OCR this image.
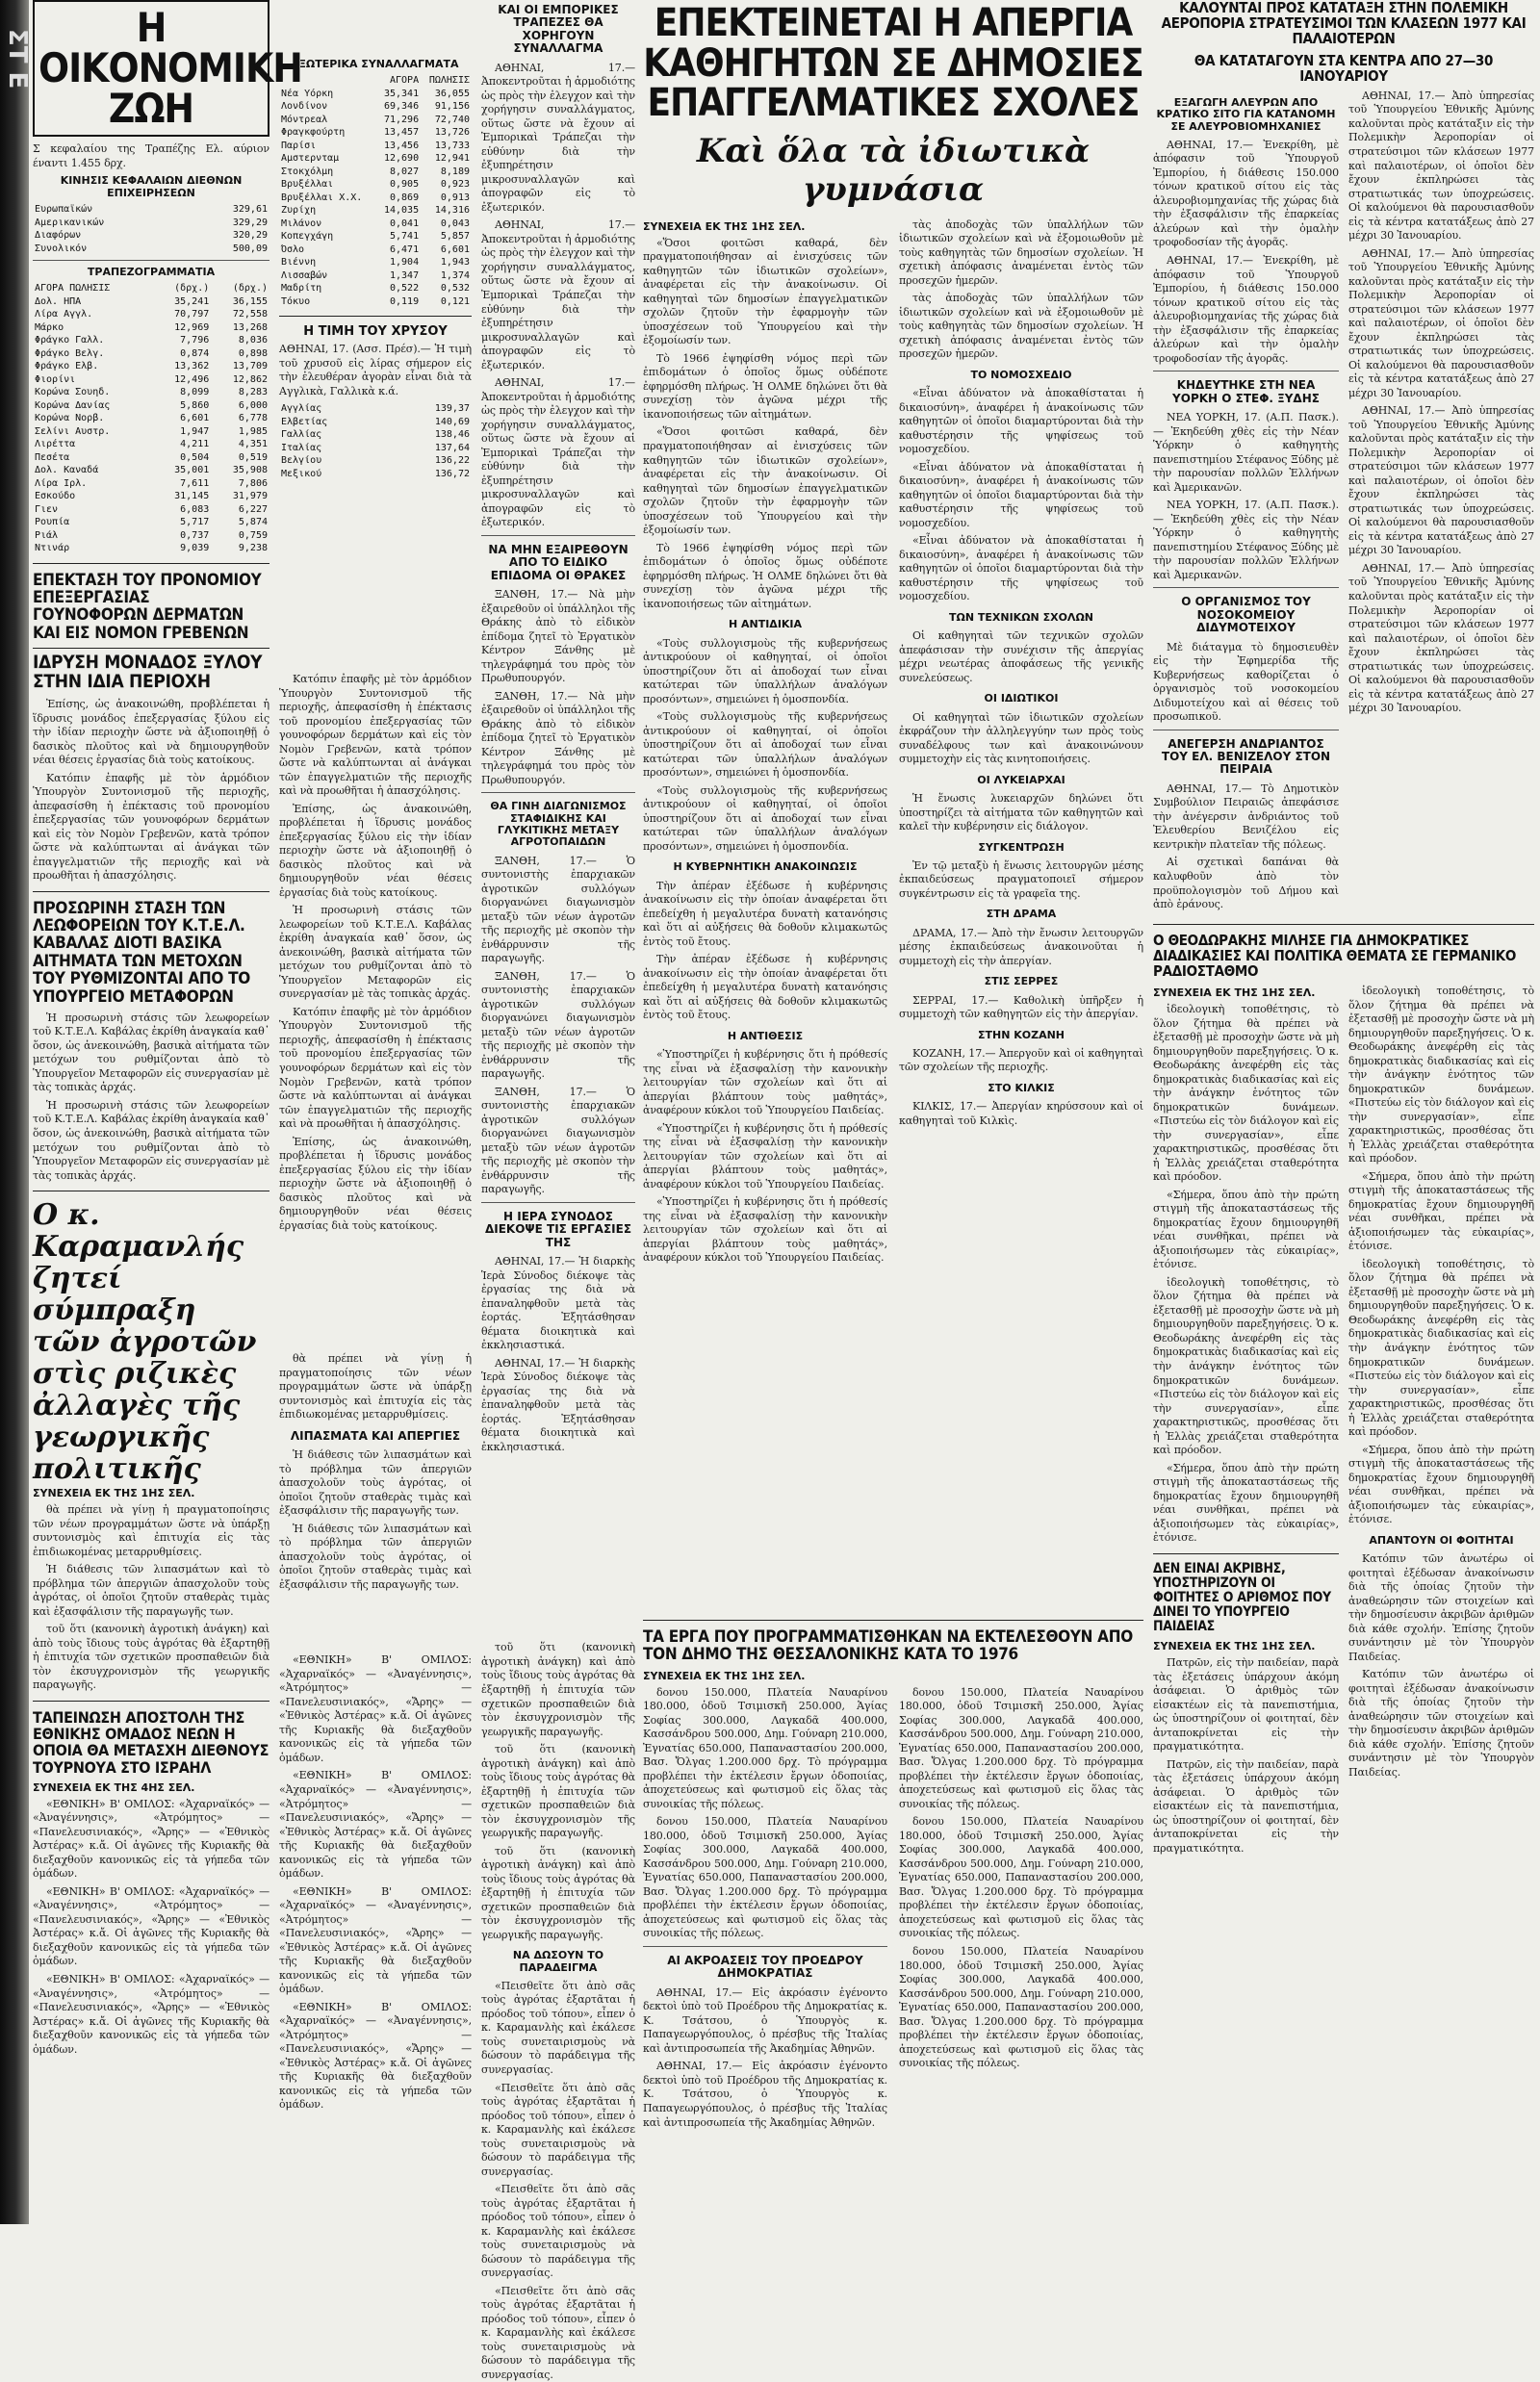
ΣΤ Ε
Η ΟΙΚΟΝΟΜΙΚΗ ΖΩΗ

Σ κεφαλαίου της Τραπέζης Ελ. αύριον έναντι 1.455 δρχ.

ΚΙΝΗΣΙΣ ΚΕΦΑΛΑΙΩΝ ΔΙΕΘΝΩΝ ΕΠΙΧΕΙΡΗΣΕΩΝ
Ευρωπαϊκών	329,61
Αμερικανικών	329,29
Διαφόρων	320,29
Συνολικόν	500,09
ΤΡΑΠΕΖΟΓΡΑΜΜΑΤΙΑ
ΑΓΟΡΑ ΠΩΛΗΣΙΣ	(δρχ.)	(δρχ.)
Δολ. ΗΠΑ	35,241	36,155
Λίρα Αγγλ.	70,797	72,558
Μάρκο	12,969	13,268
Φράγκο Γαλλ.	7,796	8,036
Φράγκο Βελγ.	0,874	0,898
Φράγκο Ελβ.	13,362	13,709
Φιορίνι	12,496	12,862
Κορώνα Σουηδ.	8,099	8,283
Κορώνα Δανίας	5,860	6,000
Κορώνα Νορβ.	6,601	6,778
Σελίνι Αυστρ.	1,947	1,985
Λιρέττα	4,211	4,351
Πεσέτα	0,504	0,519
Δολ. Καναδά	35,001	35,908
Λίρα Ιρλ.	7,611	7,806
Εσκούδο	31,145	31,979
Γιεν	6,083	6,227
Ρουπία	5,717	5,874
Ριάλ	0,737	0,759
Ντινάρ	9,039	9,238
ΕΠΕΚΤΑΣΗ ΤΟΥ ΠΡΟΝΟΜΙΟΥ ΕΠΕΞΕΡΓΑΣΙΑΣ ΓΟΥΝΟΦΟΡΩΝ ΔΕΡΜΑΤΩΝ ΚΑΙ ΕΙΣ ΝΟΜΟΝ ΓΡΕΒΕΝΩΝ
ΙΔΡΥΣΗ ΜΟΝΑΔΟΣ ΞΥΛΟΥ ΣΤΗΝ ΙΔΙΑ ΠΕΡΙΟΧΗ

Ἐπίσης, ὡς ἀνακοινώθη, προβλέπεται ἡ ἵδρυσις μονάδος ἐπεξεργασίας ξύλου εἰς τὴν ἰδίαν περιοχὴν ὥστε νὰ ἀξιοποιηθῇ ὁ δασικὸς πλοῦτος καὶ νὰ δημιουργηθοῦν νέαι θέσεις ἐργασίας διὰ τοὺς κατοίκους.

Κατόπιν ἐπαφῆς μὲ τὸν ἁρμόδιον Ὑπουργὸν Συντονισμοῦ τῆς περιοχῆς, ἀπεφασίσθη ἡ ἐπέκτασις τοῦ προνομίου ἐπεξεργασίας τῶν γουνοφόρων δερμάτων καὶ εἰς τὸν Νομὸν Γρεβενῶν, κατὰ τρόπον ὥστε νὰ καλύπτωνται αἱ ἀνάγκαι τῶν ἐπαγγελματιῶν τῆς περιοχῆς καὶ νὰ προωθῆται ἡ ἀπασχόλησις.

ΠΡΟΣΩΡΙΝΗ ΣΤΑΣΗ ΤΩΝ ΛΕΩΦΟΡΕΙΩΝ ΤΟΥ Κ.Τ.Ε.Λ. ΚΑΒΑΛΑΣ ΔΙΟΤΙ ΒΑΣΙΚΑ ΑΙΤΗΜΑΤΑ ΤΩΝ ΜΕΤΟΧΩΝ ΤΟΥ ΡΥΘΜΙΖΟΝΤΑΙ ΑΠΟ ΤΟ ΥΠΟΥΡΓΕΙΟ ΜΕΤΑΦΟΡΩΝ

Ἡ προσωρινὴ στάσις τῶν λεωφορείων τοῦ Κ.Τ.Ε.Λ. Καβάλας ἐκρίθη ἀναγκαία καθ᾿ ὅσον, ὡς ἀνεκοινώθη, βασικὰ αἰτήματα τῶν μετόχων του ρυθμίζονται ἀπὸ τὸ Ὑπουργεῖον Μεταφορῶν εἰς συνεργασίαν μὲ τὰς τοπικὰς ἀρχάς.

Ἡ προσωρινὴ στάσις τῶν λεωφορείων τοῦ Κ.Τ.Ε.Λ. Καβάλας ἐκρίθη ἀναγκαία καθ᾿ ὅσον, ὡς ἀνεκοινώθη, βασικὰ αἰτήματα τῶν μετόχων του ρυθμίζονται ἀπὸ τὸ Ὑπουργεῖον Μεταφορῶν εἰς συνεργασίαν μὲ τὰς τοπικὰς ἀρχάς.

Ο κ. Καραμανλής ζητεί σύμπραξη τῶν ἀγροτῶν στὶς ριζικὲς ἀλλαγὲς τῆς γεωργικῆς πολιτικῆς
ΣΥΝΕΧΕΙΑ ΕΚ ΤΗΣ 1ΗΣ ΣΕΛ.

θὰ πρέπει νὰ γίνῃ ἡ πραγματοποίησις τῶν νέων προγραμμάτων ὥστε νὰ ὑπάρξῃ συντονισμὸς καὶ ἐπιτυχία εἰς τὰς ἐπιδιωκομένας μεταρρυθμίσεις.

Ἡ διάθεσις τῶν λιπασμάτων καὶ τὸ πρόβλημα τῶν ἀπεργιῶν ἀπασχολοῦν τοὺς ἀγρότας, οἱ ὁποῖοι ζητοῦν σταθερὰς τιμὰς καὶ ἐξασφάλισιν τῆς παραγωγῆς των.

τοῦ ὅτι (κανονικὴ ἀγροτικὴ ἀνάγκη) καὶ ἀπὸ τοὺς ἴδιους τοὺς ἀγρότας θὰ ἐξαρτηθῇ ἡ ἐπιτυχία τῶν σχετικῶν προσπαθειῶν διὰ τὸν ἐκσυγχρονισμὸν τῆς γεωργικῆς παραγωγῆς.

ΤΑΠΕΙΝΩΣΗ ΑΠΟΣΤΟΛΗ ΤΗΣ ΕΘΝΙΚΗΣ ΟΜΑΔΟΣ ΝΕΩΝ Η ΟΠΟΙΑ ΘΑ ΜΕΤΑΣΧΗ ΔΙΕΘΝΟΥΣ ΤΟΥΡΝΟΥΑ ΣΤΟ ΙΣΡΑΗΛ
ΣΥΝΕΧΕΙΑ ΕΚ ΤΗΣ 4ΗΣ ΣΕΛ.

«ΕΘΝΙΚΗ» Β' ΟΜΙΛΟΣ: «Ἀχαρναϊκός» — «Ἀναγέννησις», «Ἀτρόμητος» — «Πανελευσινιακός», «Ἄρης» — «Ἐθνικὸς Ἀστέρας» κ.ἄ. Οἱ ἀγῶνες τῆς Κυριακῆς θὰ διεξαχθοῦν κανονικῶς εἰς τὰ γήπεδα τῶν ὁμάδων.

«ΕΘΝΙΚΗ» Β' ΟΜΙΛΟΣ: «Ἀχαρναϊκός» — «Ἀναγέννησις», «Ἀτρόμητος» — «Πανελευσινιακός», «Ἄρης» — «Ἐθνικὸς Ἀστέρας» κ.ἄ. Οἱ ἀγῶνες τῆς Κυριακῆς θὰ διεξαχθοῦν κανονικῶς εἰς τὰ γήπεδα τῶν ὁμάδων.

«ΕΘΝΙΚΗ» Β' ΟΜΙΛΟΣ: «Ἀχαρναϊκός» — «Ἀναγέννησις», «Ἀτρόμητος» — «Πανελευσινιακός», «Ἄρης» — «Ἐθνικὸς Ἀστέρας» κ.ἄ. Οἱ ἀγῶνες τῆς Κυριακῆς θὰ διεξαχθοῦν κανονικῶς εἰς τὰ γήπεδα τῶν ὁμάδων.

ΕΞΩΤΕΡΙΚΑ ΣΥΝΑΛΛΑΓΜΑΤΑ
	ΑΓΟΡΑ	ΠΩΛΗΣΙΣ
Νέα Υόρκη	35,341	36,055
Λονδίνον	69,346	91,156
Μόντρεαλ	71,296	72,740
Φραγκφούρτη	13,457	13,726
Παρίσι	13,456	13,733
Αμστερνταμ	12,690	12,941
Στοκχόλμη	8,027	8,189
Βρυξέλλαι	0,905	0,923
Βρυξέλλαι Χ.Χ.	0,869	0,913
Ζυρίχη	14,035	14,316
Μιλάνον	0,041	0,043
Κοπεγχάγη	5,741	5,857
Όσλο	6,471	6,601
Βιέννη	1,904	1,943
Λισσαβών	1,347	1,374
Μαδρίτη	0,522	0,532
Τόκυο	0,119	0,121
Η ΤΙΜΗ ΤΟΥ ΧΡΥΣΟΥ

ΑΘΗΝΑΙ, 17. (Ασσ. Πρέσ).— Ἡ τιμὴ τοῦ χρυσοῦ εἰς λίρας σήμερον εἰς τὴν ἐλευθέραν ἀγορὰν εἶναι διὰ τὰ Αγγλικὰ, Γαλλικὰ κ.ά.

Αγγλίας	139,37
Ελβετίας	140,69
Γαλλίας	138,46
Ιταλίας	137,64
Βελγίου	136,22
Μεξικού	136,72

Κατόπιν ἐπαφῆς μὲ τὸν ἁρμόδιον Ὑπουργὸν Συντονισμοῦ τῆς περιοχῆς, ἀπεφασίσθη ἡ ἐπέκτασις τοῦ προνομίου ἐπεξεργασίας τῶν γουνοφόρων δερμάτων καὶ εἰς τὸν Νομὸν Γρεβενῶν, κατὰ τρόπον ὥστε νὰ καλύπτωνται αἱ ἀνάγκαι τῶν ἐπαγγελματιῶν τῆς περιοχῆς καὶ νὰ προωθῆται ἡ ἀπασχόλησις.

Ἐπίσης, ὡς ἀνακοινώθη, προβλέπεται ἡ ἵδρυσις μονάδος ἐπεξεργασίας ξύλου εἰς τὴν ἰδίαν περιοχὴν ὥστε νὰ ἀξιοποιηθῇ ὁ δασικὸς πλοῦτος καὶ νὰ δημιουργηθοῦν νέαι θέσεις ἐργασίας διὰ τοὺς κατοίκους.

Ἡ προσωρινὴ στάσις τῶν λεωφορείων τοῦ Κ.Τ.Ε.Λ. Καβάλας ἐκρίθη ἀναγκαία καθ᾿ ὅσον, ὡς ἀνεκοινώθη, βασικὰ αἰτήματα τῶν μετόχων του ρυθμίζονται ἀπὸ τὸ Ὑπουργεῖον Μεταφορῶν εἰς συνεργασίαν μὲ τὰς τοπικὰς ἀρχάς.

Κατόπιν ἐπαφῆς μὲ τὸν ἁρμόδιον Ὑπουργὸν Συντονισμοῦ τῆς περιοχῆς, ἀπεφασίσθη ἡ ἐπέκτασις τοῦ προνομίου ἐπεξεργασίας τῶν γουνοφόρων δερμάτων καὶ εἰς τὸν Νομὸν Γρεβενῶν, κατὰ τρόπον ὥστε νὰ καλύπτωνται αἱ ἀνάγκαι τῶν ἐπαγγελματιῶν τῆς περιοχῆς καὶ νὰ προωθῆται ἡ ἀπασχόλησις.

Ἐπίσης, ὡς ἀνακοινώθη, προβλέπεται ἡ ἵδρυσις μονάδος ἐπεξεργασίας ξύλου εἰς τὴν ἰδίαν περιοχὴν ὥστε νὰ ἀξιοποιηθῇ ὁ δασικὸς πλοῦτος καὶ νὰ δημιουργηθοῦν νέαι θέσεις ἐργασίας διὰ τοὺς κατοίκους.

θὰ πρέπει νὰ γίνῃ ἡ πραγματοποίησις τῶν νέων προγραμμάτων ὥστε νὰ ὑπάρξῃ συντονισμὸς καὶ ἐπιτυχία εἰς τὰς ἐπιδιωκομένας μεταρρυθμίσεις.

ΛΙΠΑΣΜΑΤΑ ΚΑΙ ΑΠΕΡΓΙΕΣ

Ἡ διάθεσις τῶν λιπασμάτων καὶ τὸ πρόβλημα τῶν ἀπεργιῶν ἀπασχολοῦν τοὺς ἀγρότας, οἱ ὁποῖοι ζητοῦν σταθερὰς τιμὰς καὶ ἐξασφάλισιν τῆς παραγωγῆς των.

Ἡ διάθεσις τῶν λιπασμάτων καὶ τὸ πρόβλημα τῶν ἀπεργιῶν ἀπασχολοῦν τοὺς ἀγρότας, οἱ ὁποῖοι ζητοῦν σταθερὰς τιμὰς καὶ ἐξασφάλισιν τῆς παραγωγῆς των.

«ΕΘΝΙΚΗ» Β' ΟΜΙΛΟΣ: «Ἀχαρναϊκός» — «Ἀναγέννησις», «Ἀτρόμητος» — «Πανελευσινιακός», «Ἄρης» — «Ἐθνικὸς Ἀστέρας» κ.ἄ. Οἱ ἀγῶνες τῆς Κυριακῆς θὰ διεξαχθοῦν κανονικῶς εἰς τὰ γήπεδα τῶν ὁμάδων.

«ΕΘΝΙΚΗ» Β' ΟΜΙΛΟΣ: «Ἀχαρναϊκός» — «Ἀναγέννησις», «Ἀτρόμητος» — «Πανελευσινιακός», «Ἄρης» — «Ἐθνικὸς Ἀστέρας» κ.ἄ. Οἱ ἀγῶνες τῆς Κυριακῆς θὰ διεξαχθοῦν κανονικῶς εἰς τὰ γήπεδα τῶν ὁμάδων.

«ΕΘΝΙΚΗ» Β' ΟΜΙΛΟΣ: «Ἀχαρναϊκός» — «Ἀναγέννησις», «Ἀτρόμητος» — «Πανελευσινιακός», «Ἄρης» — «Ἐθνικὸς Ἀστέρας» κ.ἄ. Οἱ ἀγῶνες τῆς Κυριακῆς θὰ διεξαχθοῦν κανονικῶς εἰς τὰ γήπεδα τῶν ὁμάδων.

«ΕΘΝΙΚΗ» Β' ΟΜΙΛΟΣ: «Ἀχαρναϊκός» — «Ἀναγέννησις», «Ἀτρόμητος» — «Πανελευσινιακός», «Ἄρης» — «Ἐθνικὸς Ἀστέρας» κ.ἄ. Οἱ ἀγῶνες τῆς Κυριακῆς θὰ διεξαχθοῦν κανονικῶς εἰς τὰ γήπεδα τῶν ὁμάδων.

ΚΑΙ ΟΙ ΕΜΠΟΡΙΚΕΣ ΤΡΑΠΕΖΕΣ ΘΑ ΧΟΡΗΓΟΥΝ ΣΥΝΑΛΛΑΓΜΑ

ΑΘΗΝΑΙ, 17.— Ἀποκεντροῦται ἡ ἁρμοδιότης ὡς πρὸς τὴν ἐλεγχον καὶ τὴν χορήγησιν συναλλάγματος, οὕτως ὥστε νὰ ἔχουν αἱ Ἐμπορικαὶ Τράπεζαι τὴν εὐθύνην διὰ τὴν ἐξυπηρέτησιν μικροσυναλλαγῶν καὶ ἀπογραφῶν εἰς τὸ ἐξωτερικόν.

ΑΘΗΝΑΙ, 17.— Ἀποκεντροῦται ἡ ἁρμοδιότης ὡς πρὸς τὴν ἐλεγχον καὶ τὴν χορήγησιν συναλλάγματος, οὕτως ὥστε νὰ ἔχουν αἱ Ἐμπορικαὶ Τράπεζαι τὴν εὐθύνην διὰ τὴν ἐξυπηρέτησιν μικροσυναλλαγῶν καὶ ἀπογραφῶν εἰς τὸ ἐξωτερικόν.

ΑΘΗΝΑΙ, 17.— Ἀποκεντροῦται ἡ ἁρμοδιότης ὡς πρὸς τὴν ἐλεγχον καὶ τὴν χορήγησιν συναλλάγματος, οὕτως ὥστε νὰ ἔχουν αἱ Ἐμπορικαὶ Τράπεζαι τὴν εὐθύνην διὰ τὴν ἐξυπηρέτησιν μικροσυναλλαγῶν καὶ ἀπογραφῶν εἰς τὸ ἐξωτερικόν.

ΝΑ ΜΗΝ ΕΞΑΙΡΕΘΟΥΝ ΑΠΟ ΤΟ ΕΙΔΙΚΟ ΕΠΙΔΟΜΑ ΟΙ ΘΡΑΚΕΣ

ΞΑΝΘΗ, 17.— Νὰ μὴν ἐξαιρεθοῦν οἱ ὑπάλληλοι τῆς Θράκης ἀπὸ τὸ εἰδικὸν ἐπίδομα ζητεῖ τὸ Ἐργατικὸν Κέντρον Ξάνθης μὲ τηλεγράφημά του πρὸς τὸν Πρωθυπουργόν.

ΞΑΝΘΗ, 17.— Νὰ μὴν ἐξαιρεθοῦν οἱ ὑπάλληλοι τῆς Θράκης ἀπὸ τὸ εἰδικὸν ἐπίδομα ζητεῖ τὸ Ἐργατικὸν Κέντρον Ξάνθης μὲ τηλεγράφημά του πρὸς τὸν Πρωθυπουργόν.

ΘΑ ΓΙΝΗ ΔΙΑΓΩΝΙΣΜΟΣ ΣΤΑΦΙΔΙΚΗΣ ΚΑΙ ΓΛΥΚΙΤΙΚΗΣ ΜΕΤΑΞΥ ΑΓΡΟΤΟΠΑΙΔΩΝ

ΞΑΝΘΗ, 17.— Ὁ συντονιστὴς ἐπαρχιακῶν ἀγροτικῶν συλλόγων διοργανώνει διαγωνισμὸν μεταξὺ τῶν νέων ἀγροτῶν τῆς περιοχῆς μὲ σκοπὸν τὴν ἐνθάρρυνσιν τῆς παραγωγῆς.

ΞΑΝΘΗ, 17.— Ὁ συντονιστὴς ἐπαρχιακῶν ἀγροτικῶν συλλόγων διοργανώνει διαγωνισμὸν μεταξὺ τῶν νέων ἀγροτῶν τῆς περιοχῆς μὲ σκοπὸν τὴν ἐνθάρρυνσιν τῆς παραγωγῆς.

ΞΑΝΘΗ, 17.— Ὁ συντονιστὴς ἐπαρχιακῶν ἀγροτικῶν συλλόγων διοργανώνει διαγωνισμὸν μεταξὺ τῶν νέων ἀγροτῶν τῆς περιοχῆς μὲ σκοπὸν τὴν ἐνθάρρυνσιν τῆς παραγωγῆς.

Η ΙΕΡΑ ΣΥΝΟΔΟΣ ΔΙΕΚΟΨΕ ΤΙΣ ΕΡΓΑΣΙΕΣ ΤΗΣ

ΑΘΗΝΑΙ, 17.— Ἡ διαρκὴς Ἱερὰ Σύνοδος διέκοψε τὰς ἐργασίας της διὰ νὰ ἐπαναληφθοῦν μετὰ τὰς ἑορτάς. Ἐξητάσθησαν θέματα διοικητικὰ καὶ ἐκκλησιαστικά.

ΑΘΗΝΑΙ, 17.— Ἡ διαρκὴς Ἱερὰ Σύνοδος διέκοψε τὰς ἐργασίας της διὰ νὰ ἐπαναληφθοῦν μετὰ τὰς ἑορτάς. Ἐξητάσθησαν θέματα διοικητικὰ καὶ ἐκκλησιαστικά.

τοῦ ὅτι (κανονικὴ ἀγροτικὴ ἀνάγκη) καὶ ἀπὸ τοὺς ἴδιους τοὺς ἀγρότας θὰ ἐξαρτηθῇ ἡ ἐπιτυχία τῶν σχετικῶν προσπαθειῶν διὰ τὸν ἐκσυγχρονισμὸν τῆς γεωργικῆς παραγωγῆς.

τοῦ ὅτι (κανονικὴ ἀγροτικὴ ἀνάγκη) καὶ ἀπὸ τοὺς ἴδιους τοὺς ἀγρότας θὰ ἐξαρτηθῇ ἡ ἐπιτυχία τῶν σχετικῶν προσπαθειῶν διὰ τὸν ἐκσυγχρονισμὸν τῆς γεωργικῆς παραγωγῆς.

τοῦ ὅτι (κανονικὴ ἀγροτικὴ ἀνάγκη) καὶ ἀπὸ τοὺς ἴδιους τοὺς ἀγρότας θὰ ἐξαρτηθῇ ἡ ἐπιτυχία τῶν σχετικῶν προσπαθειῶν διὰ τὸν ἐκσυγχρονισμὸν τῆς γεωργικῆς παραγωγῆς.

ΝΑ ΔΩΣΟΥΝ ΤΟ ΠΑΡΑΔΕΙΓΜΑ

«Πεισθεῖτε ὅτι ἀπὸ σᾶς τοὺς ἀγρότας ἐξαρτᾶται ἡ πρόοδος τοῦ τόπου», εἶπεν ὁ κ. Καραμανλὴς καὶ ἐκάλεσε τοὺς συνεταιρισμοὺς νὰ δώσουν τὸ παράδειγμα τῆς συνεργασίας.

«Πεισθεῖτε ὅτι ἀπὸ σᾶς τοὺς ἀγρότας ἐξαρτᾶται ἡ πρόοδος τοῦ τόπου», εἶπεν ὁ κ. Καραμανλὴς καὶ ἐκάλεσε τοὺς συνεταιρισμοὺς νὰ δώσουν τὸ παράδειγμα τῆς συνεργασίας.

«Πεισθεῖτε ὅτι ἀπὸ σᾶς τοὺς ἀγρότας ἐξαρτᾶται ἡ πρόοδος τοῦ τόπου», εἶπεν ὁ κ. Καραμανλὴς καὶ ἐκάλεσε τοὺς συνεταιρισμοὺς νὰ δώσουν τὸ παράδειγμα τῆς συνεργασίας.

«Πεισθεῖτε ὅτι ἀπὸ σᾶς τοὺς ἀγρότας ἐξαρτᾶται ἡ πρόοδος τοῦ τόπου», εἶπεν ὁ κ. Καραμανλὴς καὶ ἐκάλεσε τοὺς συνεταιρισμοὺς νὰ δώσουν τὸ παράδειγμα τῆς συνεργασίας.

ΕΠΕΚΤΕΙΝΕΤΑΙ Η ΑΠΕΡΓΙΑ ΚΑΘΗΓΗΤΩΝ ΣΕ ΔΗΜΟΣΙΕΣ ΕΠΑΓΓΕΛΜΑΤΙΚΕΣ ΣΧΟΛΕΣ
Καὶ ὅλα τὰ ἰδιωτικὰ γυμνάσια
ΣΥΝΕΧΕΙΑ ΕΚ ΤΗΣ 1ΗΣ ΣΕΛ.

«Ὅσοι φοιτῶσι καθαρά, δὲν πραγματοποιήθησαν αἱ ἐνισχύσεις τῶν καθηγητῶν τῶν ἰδιωτικῶν σχολείων», ἀναφέρεται εἰς τὴν ἀνακοίνωσιν. Οἱ καθηγηταὶ τῶν δημοσίων ἐπαγγελματικῶν σχολῶν ζητοῦν τὴν ἐφαρμογὴν τῶν ὑποσχέσεων τοῦ Ὑπουργείου καὶ τὴν ἐξομοίωσίν των.

Τὸ 1966 ἐψηφίσθη νόμος περὶ τῶν ἐπιδομάτων ὁ ὁποῖος ὅμως οὐδέποτε ἐφηρμόσθη πλήρως. Ἡ ΟΛΜΕ δηλώνει ὅτι θὰ συνεχίσῃ τὸν ἀγῶνα μέχρι τῆς ἱκανοποιήσεως τῶν αἰτημάτων.

«Ὅσοι φοιτῶσι καθαρά, δὲν πραγματοποιήθησαν αἱ ἐνισχύσεις τῶν καθηγητῶν τῶν ἰδιωτικῶν σχολείων», ἀναφέρεται εἰς τὴν ἀνακοίνωσιν. Οἱ καθηγηταὶ τῶν δημοσίων ἐπαγγελματικῶν σχολῶν ζητοῦν τὴν ἐφαρμογὴν τῶν ὑποσχέσεων τοῦ Ὑπουργείου καὶ τὴν ἐξομοίωσίν των.

Τὸ 1966 ἐψηφίσθη νόμος περὶ τῶν ἐπιδομάτων ὁ ὁποῖος ὅμως οὐδέποτε ἐφηρμόσθη πλήρως. Ἡ ΟΛΜΕ δηλώνει ὅτι θὰ συνεχίσῃ τὸν ἀγῶνα μέχρι τῆς ἱκανοποιήσεως τῶν αἰτημάτων.

Η ΑΝΤΙΔΙΚΙΑ

«Τοὺς συλλογισμοὺς τῆς κυβερνήσεως ἀντικρούουν οἱ καθηγηταί, οἱ ὁποῖοι ὑποστηρίζουν ὅτι αἱ ἀποδοχαί των εἶναι κατώτεραι τῶν ὑπαλλήλων ἀναλόγων προσόντων», σημειώνει ἡ ὁμοσπονδία.

«Τοὺς συλλογισμοὺς τῆς κυβερνήσεως ἀντικρούουν οἱ καθηγηταί, οἱ ὁποῖοι ὑποστηρίζουν ὅτι αἱ ἀποδοχαί των εἶναι κατώτεραι τῶν ὑπαλλήλων ἀναλόγων προσόντων», σημειώνει ἡ ὁμοσπονδία.

«Τοὺς συλλογισμοὺς τῆς κυβερνήσεως ἀντικρούουν οἱ καθηγηταί, οἱ ὁποῖοι ὑποστηρίζουν ὅτι αἱ ἀποδοχαί των εἶναι κατώτεραι τῶν ὑπαλλήλων ἀναλόγων προσόντων», σημειώνει ἡ ὁμοσπονδία.

Η ΚΥΒΕΡΝΗΤΙΚΗ ΑΝΑΚΟΙΝΩΣΙΣ

Τὴν ἀπέραν ἐξέδωσε ἡ κυβέρνησις ἀνακοίνωσιν εἰς τὴν ὁποίαν ἀναφέρεται ὅτι ἐπεδείχθη ἡ μεγαλυτέρα δυνατὴ κατανόησις καὶ ὅτι αἱ αὐξήσεις θὰ δοθοῦν κλιμακωτῶς ἐντὸς τοῦ ἔτους.

Τὴν ἀπέραν ἐξέδωσε ἡ κυβέρνησις ἀνακοίνωσιν εἰς τὴν ὁποίαν ἀναφέρεται ὅτι ἐπεδείχθη ἡ μεγαλυτέρα δυνατὴ κατανόησις καὶ ὅτι αἱ αὐξήσεις θὰ δοθοῦν κλιμακωτῶς ἐντὸς τοῦ ἔτους.

Η ΑΝΤΙΘΕΣΙΣ

«Ὑποστηρίζει ἡ κυβέρνησις ὅτι ἡ πρόθεσίς της εἶναι νὰ ἐξασφαλίσῃ τὴν κανονικὴν λειτουργίαν τῶν σχολείων καὶ ὅτι αἱ ἀπεργίαι βλάπτουν τοὺς μαθητάς», ἀναφέρουν κύκλοι τοῦ Ὑπουργείου Παιδείας.

«Ὑποστηρίζει ἡ κυβέρνησις ὅτι ἡ πρόθεσίς της εἶναι νὰ ἐξασφαλίσῃ τὴν κανονικὴν λειτουργίαν τῶν σχολείων καὶ ὅτι αἱ ἀπεργίαι βλάπτουν τοὺς μαθητάς», ἀναφέρουν κύκλοι τοῦ Ὑπουργείου Παιδείας.

«Ὑποστηρίζει ἡ κυβέρνησις ὅτι ἡ πρόθεσίς της εἶναι νὰ ἐξασφαλίσῃ τὴν κανονικὴν λειτουργίαν τῶν σχολείων καὶ ὅτι αἱ ἀπεργίαι βλάπτουν τοὺς μαθητάς», ἀναφέρουν κύκλοι τοῦ Ὑπουργείου Παιδείας.

τὰς ἀποδοχὰς τῶν ὑπαλλήλων τῶν ἰδιωτικῶν σχολείων καὶ νὰ ἐξομοιωθοῦν μὲ τοὺς καθηγητὰς τῶν δημοσίων σχολείων. Ἡ σχετικὴ ἀπόφασις ἀναμένεται ἐντὸς τῶν προσεχῶν ἡμερῶν.

τὰς ἀποδοχὰς τῶν ὑπαλλήλων τῶν ἰδιωτικῶν σχολείων καὶ νὰ ἐξομοιωθοῦν μὲ τοὺς καθηγητὰς τῶν δημοσίων σχολείων. Ἡ σχετικὴ ἀπόφασις ἀναμένεται ἐντὸς τῶν προσεχῶν ἡμερῶν.

ΤΟ ΝΟΜΟΣΧΕΔΙΟ

«Εἶναι ἀδύνατον νὰ ἀποκαθίσταται ἡ δικαιοσύνη», ἀναφέρει ἡ ἀνακοίνωσις τῶν καθηγητῶν οἱ ὁποῖοι διαμαρτύρονται διὰ τὴν καθυστέρησιν τῆς ψηφίσεως τοῦ νομοσχεδίου.

«Εἶναι ἀδύνατον νὰ ἀποκαθίσταται ἡ δικαιοσύνη», ἀναφέρει ἡ ἀνακοίνωσις τῶν καθηγητῶν οἱ ὁποῖοι διαμαρτύρονται διὰ τὴν καθυστέρησιν τῆς ψηφίσεως τοῦ νομοσχεδίου.

«Εἶναι ἀδύνατον νὰ ἀποκαθίσταται ἡ δικαιοσύνη», ἀναφέρει ἡ ἀνακοίνωσις τῶν καθηγητῶν οἱ ὁποῖοι διαμαρτύρονται διὰ τὴν καθυστέρησιν τῆς ψηφίσεως τοῦ νομοσχεδίου.

ΤΩΝ ΤΕΧΝΙΚΩΝ ΣΧΟΛΩΝ

Οἱ καθηγηταὶ τῶν τεχνικῶν σχολῶν ἀπεφάσισαν τὴν συνέχισιν τῆς ἀπεργίας μέχρι νεωτέρας ἀποφάσεως τῆς γενικῆς συνελεύσεως.

ΟΙ ΙΔΙΩΤΙΚΟΙ

Οἱ καθηγηταὶ τῶν ἰδιωτικῶν σχολείων ἐκφράζουν τὴν ἀλληλεγγύην των πρὸς τοὺς συναδέλφους των καὶ ἀνακοινώνουν συμμετοχὴν εἰς τὰς κινητοποιήσεις.

ΟΙ ΛΥΚΕΙΑΡΧΑΙ

Ἡ ἕνωσις λυκειαρχῶν δηλώνει ὅτι ὑποστηρίζει τὰ αἰτήματα τῶν καθηγητῶν καὶ καλεῖ τὴν κυβέρνησιν εἰς διάλογον.

ΣΥΓΚΕΝΤΡΩΣΗ

Ἐν τῷ μεταξὺ ἡ ἕνωσις λειτουργῶν μέσης ἐκπαιδεύσεως πραγματοποιεῖ σήμερον συγκέντρωσιν εἰς τὰ γραφεῖα της.

ΣΤΗ ΔΡΑΜΑ

ΔΡΑΜΑ, 17.— Ἀπὸ τὴν ἔνωσιν λειτουργῶν μέσης ἐκπαιδεύσεως ἀνακοινοῦται ἡ συμμετοχὴ εἰς τὴν ἀπεργίαν.

ΣΤΙΣ ΣΕΡΡΕΣ

ΣΕΡΡΑΙ, 17.— Καθολικὴ ὑπῆρξεν ἡ συμμετοχὴ τῶν καθηγητῶν εἰς τὴν ἀπεργίαν.

ΣΤΗΝ ΚΟΖΑΝΗ

ΚΟΖΑΝΗ, 17.— Ἀπεργοῦν καὶ οἱ καθηγηταὶ τῶν σχολείων τῆς περιοχῆς.

ΣΤΟ ΚΙΛΚΙΣ

ΚΙΛΚΙΣ, 17.— Ἀπεργίαν κηρύσσουν καὶ οἱ καθηγηταὶ τοῦ Κιλκὶς.

ΤΑ ΕΡΓΑ ΠΟΥ ΠΡΟΓΡΑΜΜΑΤΙΣΘΗΚΑΝ ΝΑ ΕΚΤΕΛΕΣΘΟΥΝ ΑΠΟ ΤΟΝ ΔΗΜΟ ΤΗΣ ΘΕΣΣΑΛΟΝΙΚΗΣ ΚΑΤΑ ΤΟ 1976
ΣΥΝΕΧΕΙΑ ΕΚ ΤΗΣ 1ΗΣ ΣΕΛ.

δονου 150.000, Πλατεία Ναυαρίνου 180.000, ὁδοῦ Τσιμισκῆ 250.000, Ἁγίας Σοφίας 300.000, Λαγκαδᾶ 400.000, Κασσάνδρου 500.000, Δημ. Γούναρη 210.000, Ἐγνατίας 650.000, Παπαναστασίου 200.000, Βασ. Ὄλγας 1.200.000 δρχ. Τὸ πρόγραμμα προβλέπει τὴν ἐκτέλεσιν ἔργων ὁδοποιίας, ἀποχετεύσεως καὶ φωτισμοῦ εἰς ὅλας τὰς συνοικίας τῆς πόλεως.

δονου 150.000, Πλατεία Ναυαρίνου 180.000, ὁδοῦ Τσιμισκῆ 250.000, Ἁγίας Σοφίας 300.000, Λαγκαδᾶ 400.000, Κασσάνδρου 500.000, Δημ. Γούναρη 210.000, Ἐγνατίας 650.000, Παπαναστασίου 200.000, Βασ. Ὄλγας 1.200.000 δρχ. Τὸ πρόγραμμα προβλέπει τὴν ἐκτέλεσιν ἔργων ὁδοποιίας, ἀποχετεύσεως καὶ φωτισμοῦ εἰς ὅλας τὰς συνοικίας τῆς πόλεως.

ΑΙ ΑΚΡΟΑΣΕΙΣ ΤΟΥ ΠΡΟΕΔΡΟΥ ΔΗΜΟΚΡΑΤΙΑΣ

ΑΘΗΝΑΙ, 17.— Εἰς ἀκρόασιν ἐγένοντο δεκτοὶ ὑπὸ τοῦ Προέδρου τῆς Δημοκρατίας κ. Κ. Τσάτσου, ὁ Ὑπουργὸς κ. Παπαγεωργόπουλος, ὁ πρέσβυς τῆς Ἰταλίας καὶ ἀντιπροσωπεία τῆς Ἀκαδημίας Ἀθηνῶν.

ΑΘΗΝΑΙ, 17.— Εἰς ἀκρόασιν ἐγένοντο δεκτοὶ ὑπὸ τοῦ Προέδρου τῆς Δημοκρατίας κ. Κ. Τσάτσου, ὁ Ὑπουργὸς κ. Παπαγεωργόπουλος, ὁ πρέσβυς τῆς Ἰταλίας καὶ ἀντιπροσωπεία τῆς Ἀκαδημίας Ἀθηνῶν.

δονου 150.000, Πλατεία Ναυαρίνου 180.000, ὁδοῦ Τσιμισκῆ 250.000, Ἁγίας Σοφίας 300.000, Λαγκαδᾶ 400.000, Κασσάνδρου 500.000, Δημ. Γούναρη 210.000, Ἐγνατίας 650.000, Παπαναστασίου 200.000, Βασ. Ὄλγας 1.200.000 δρχ. Τὸ πρόγραμμα προβλέπει τὴν ἐκτέλεσιν ἔργων ὁδοποιίας, ἀποχετεύσεως καὶ φωτισμοῦ εἰς ὅλας τὰς συνοικίας τῆς πόλεως.

δονου 150.000, Πλατεία Ναυαρίνου 180.000, ὁδοῦ Τσιμισκῆ 250.000, Ἁγίας Σοφίας 300.000, Λαγκαδᾶ 400.000, Κασσάνδρου 500.000, Δημ. Γούναρη 210.000, Ἐγνατίας 650.000, Παπαναστασίου 200.000, Βασ. Ὄλγας 1.200.000 δρχ. Τὸ πρόγραμμα προβλέπει τὴν ἐκτέλεσιν ἔργων ὁδοποιίας, ἀποχετεύσεως καὶ φωτισμοῦ εἰς ὅλας τὰς συνοικίας τῆς πόλεως.

δονου 150.000, Πλατεία Ναυαρίνου 180.000, ὁδοῦ Τσιμισκῆ 250.000, Ἁγίας Σοφίας 300.000, Λαγκαδᾶ 400.000, Κασσάνδρου 500.000, Δημ. Γούναρη 210.000, Ἐγνατίας 650.000, Παπαναστασίου 200.000, Βασ. Ὄλγας 1.200.000 δρχ. Τὸ πρόγραμμα προβλέπει τὴν ἐκτέλεσιν ἔργων ὁδοποιίας, ἀποχετεύσεως καὶ φωτισμοῦ εἰς ὅλας τὰς συνοικίας τῆς πόλεως.

ΚΑΛΟΥΝΤΑΙ ΠΡΟΣ ΚΑΤΑΤΑΞΗ ΣΤΗΝ ΠΟΛΕΜΙΚΗ ΑΕΡΟΠΟΡΙΑ ΣΤΡΑΤΕΥΣΙΜΟΙ ΤΩΝ ΚΛΑΣΕΩΝ 1977 ΚΑΙ ΠΑΛΑΙΟΤΕΡΩΝ
ΘΑ ΚΑΤΑΤΑΓΟΥΝ ΣΤΑ ΚΕΝΤΡΑ ΑΠΟ 27—30 ΙΑΝΟΥΑΡΙΟΥ
ΕΞΑΓΩΓΗ ΑΛΕΥΡΩΝ ΑΠΟ ΚΡΑΤΙΚΟ ΣΙΤΟ ΓΙΑ ΚΑΤΑΝΟΜΗ ΣΕ ΑΛΕΥΡΟΒΙΟΜΗΧΑΝΙΕΣ

ΑΘΗΝΑΙ, 17.— Ἐνεκρίθη, μὲ ἀπόφασιν τοῦ Ὑπουργοῦ Ἐμπορίου, ἡ διάθεσις 150.000 τόνων κρατικοῦ σίτου εἰς τὰς ἀλευροβιομηχανίας τῆς χώρας διὰ τὴν ἐξασφάλισιν τῆς ἐπαρκείας ἀλεύρων καὶ τὴν ὁμαλὴν τροφοδοσίαν τῆς ἀγορᾶς.

ΑΘΗΝΑΙ, 17.— Ἐνεκρίθη, μὲ ἀπόφασιν τοῦ Ὑπουργοῦ Ἐμπορίου, ἡ διάθεσις 150.000 τόνων κρατικοῦ σίτου εἰς τὰς ἀλευροβιομηχανίας τῆς χώρας διὰ τὴν ἐξασφάλισιν τῆς ἐπαρκείας ἀλεύρων καὶ τὴν ὁμαλὴν τροφοδοσίαν τῆς ἀγορᾶς.

ΚΗΔΕΥΤΗΚΕ ΣΤΗ ΝΕΑ ΥΟΡΚΗ Ο ΣΤΕΦ. ΞΥΔΗΣ

ΝΕΑ ΥΟΡΚΗ, 17. (Α.Π. Πασκ.).— Ἐκηδεύθη χθὲς εἰς τὴν Νέαν Ὑόρκην ὁ καθηγητὴς πανεπιστημίου Στέφανος Ξύδης μὲ τὴν παρουσίαν πολλῶν Ἑλλήνων καὶ Ἀμερικανῶν.

ΝΕΑ ΥΟΡΚΗ, 17. (Α.Π. Πασκ.).— Ἐκηδεύθη χθὲς εἰς τὴν Νέαν Ὑόρκην ὁ καθηγητὴς πανεπιστημίου Στέφανος Ξύδης μὲ τὴν παρουσίαν πολλῶν Ἑλλήνων καὶ Ἀμερικανῶν.

Ο ΟΡΓΑΝΙΣΜΟΣ ΤΟΥ ΝΟΣΟΚΟΜΕΙΟΥ ΔΙΔΥΜΟΤΕΙΧΟΥ

Μὲ διάταγμα τὸ δημοσιευθὲν εἰς τὴν Ἐφημερίδα τῆς Κυβερνήσεως καθορίζεται ὁ ὀργανισμὸς τοῦ νοσοκομείου Διδυμοτείχου καὶ αἱ θέσεις τοῦ προσωπικοῦ.

ΑΝΕΓΕΡΣΗ ΑΝΔΡΙΑΝΤΟΣ ΤΟΥ ΕΛ. ΒΕΝΙΖΕΛΟΥ ΣΤΟΝ ΠΕΙΡΑΙΑ

ΑΘΗΝΑΙ, 17.— Τὸ Δημοτικὸν Συμβούλιον Πειραιῶς ἀπεφάσισε τὴν ἀνέγερσιν ἀνδριάντος τοῦ Ἐλευθερίου Βενιζέλου εἰς κεντρικὴν πλατεῖαν τῆς πόλεως.

Αἱ σχετικαὶ δαπάναι θὰ καλυφθοῦν ἀπὸ τὸν προϋπολογισμὸν τοῦ Δήμου καὶ ἀπὸ ἐράνους.

ΑΘΗΝΑΙ, 17.— Ἀπὸ ὑπηρεσίας τοῦ Ὑπουργείου Ἐθνικῆς Ἀμύνης καλοῦνται πρὸς κατάταξιν εἰς τὴν Πολεμικὴν Ἀεροπορίαν οἱ στρατεύσιμοι τῶν κλάσεων 1977 καὶ παλαιοτέρων, οἱ ὁποῖοι δὲν ἔχουν ἐκπληρώσει τὰς στρατιωτικάς των ὑποχρεώσεις. Οἱ καλούμενοι θὰ παρουσιασθοῦν εἰς τὰ κέντρα κατατάξεως ἀπὸ 27 μέχρι 30 Ἰανουαρίου.

ΑΘΗΝΑΙ, 17.— Ἀπὸ ὑπηρεσίας τοῦ Ὑπουργείου Ἐθνικῆς Ἀμύνης καλοῦνται πρὸς κατάταξιν εἰς τὴν Πολεμικὴν Ἀεροπορίαν οἱ στρατεύσιμοι τῶν κλάσεων 1977 καὶ παλαιοτέρων, οἱ ὁποῖοι δὲν ἔχουν ἐκπληρώσει τὰς στρατιωτικάς των ὑποχρεώσεις. Οἱ καλούμενοι θὰ παρουσιασθοῦν εἰς τὰ κέντρα κατατάξεως ἀπὸ 27 μέχρι 30 Ἰανουαρίου.

ΑΘΗΝΑΙ, 17.— Ἀπὸ ὑπηρεσίας τοῦ Ὑπουργείου Ἐθνικῆς Ἀμύνης καλοῦνται πρὸς κατάταξιν εἰς τὴν Πολεμικὴν Ἀεροπορίαν οἱ στρατεύσιμοι τῶν κλάσεων 1977 καὶ παλαιοτέρων, οἱ ὁποῖοι δὲν ἔχουν ἐκπληρώσει τὰς στρατιωτικάς των ὑποχρεώσεις. Οἱ καλούμενοι θὰ παρουσιασθοῦν εἰς τὰ κέντρα κατατάξεως ἀπὸ 27 μέχρι 30 Ἰανουαρίου.

ΑΘΗΝΑΙ, 17.— Ἀπὸ ὑπηρεσίας τοῦ Ὑπουργείου Ἐθνικῆς Ἀμύνης καλοῦνται πρὸς κατάταξιν εἰς τὴν Πολεμικὴν Ἀεροπορίαν οἱ στρατεύσιμοι τῶν κλάσεων 1977 καὶ παλαιοτέρων, οἱ ὁποῖοι δὲν ἔχουν ἐκπληρώσει τὰς στρατιωτικάς των ὑποχρεώσεις. Οἱ καλούμενοι θὰ παρουσιασθοῦν εἰς τὰ κέντρα κατατάξεως ἀπὸ 27 μέχρι 30 Ἰανουαρίου.

Ο ΘΕΟΔΩΡΑΚΗΣ ΜΙΛΗΣΕ ΓΙΑ ΔΗΜΟΚΡΑΤΙΚΕΣ ΔΙΑΔΙΚΑΣΙΕΣ ΚΑΙ ΠΟΛΙΤΙΚΑ ΘΕΜΑΤΑ ΣΕ ΓΕΡΜΑΝΙΚΟ ΡΑΔΙΟΣΤΑΘΜΟ
ΣΥΝΕΧΕΙΑ ΕΚ ΤΗΣ 1ΗΣ ΣΕΛ.

ἰδεολογικὴ τοποθέτησις, τὸ ὅλον ζήτημα θὰ πρέπει νὰ ἐξετασθῇ μὲ προσοχὴν ὥστε νὰ μὴ δημιουργηθοῦν παρεξηγήσεις. Ὁ κ. Θεοδωράκης ἀνεφέρθη εἰς τὰς δημοκρατικὰς διαδικασίας καὶ εἰς τὴν ἀνάγκην ἑνότητος τῶν δημοκρατικῶν δυνάμεων. «Πιστεύω εἰς τὸν διάλογον καὶ εἰς τὴν συνεργασίαν», εἶπε χαρακτηριστικῶς, προσθέσας ὅτι ἡ Ἑλλὰς χρειάζεται σταθερότητα καὶ πρόοδον.

«Σήμερα, ὅπου ἀπὸ τὴν πρώτη στιγμὴ τῆς ἀποκαταστάσεως τῆς δημοκρατίας ἔχουν δημιουργηθῆ νέαι συνθῆκαι, πρέπει νὰ ἀξιοποιήσωμεν τὰς εὐκαιρίας», ἐτόνισε.

ἰδεολογικὴ τοποθέτησις, τὸ ὅλον ζήτημα θὰ πρέπει νὰ ἐξετασθῇ μὲ προσοχὴν ὥστε νὰ μὴ δημιουργηθοῦν παρεξηγήσεις. Ὁ κ. Θεοδωράκης ἀνεφέρθη εἰς τὰς δημοκρατικὰς διαδικασίας καὶ εἰς τὴν ἀνάγκην ἑνότητος τῶν δημοκρατικῶν δυνάμεων. «Πιστεύω εἰς τὸν διάλογον καὶ εἰς τὴν συνεργασίαν», εἶπε χαρακτηριστικῶς, προσθέσας ὅτι ἡ Ἑλλὰς χρειάζεται σταθερότητα καὶ πρόοδον.

«Σήμερα, ὅπου ἀπὸ τὴν πρώτη στιγμὴ τῆς ἀποκαταστάσεως τῆς δημοκρατίας ἔχουν δημιουργηθῆ νέαι συνθῆκαι, πρέπει νὰ ἀξιοποιήσωμεν τὰς εὐκαιρίας», ἐτόνισε.

ΔΕΝ ΕΙΝΑΙ ΑΚΡΙΒΗΣ, ΥΠΟΣΤΗΡΙΖΟΥΝ ΟΙ ΦΟΙΤΗΤΕΣ Ο ΑΡΙΘΜΟΣ ΠΟΥ ΔΙΝΕΙ ΤΟ ΥΠΟΥΡΓΕΙΟ ΠΑΙΔΕΙΑΣ
ΣΥΝΕΧΕΙΑ ΕΚ ΤΗΣ 1ΗΣ ΣΕΛ.

Πατρῶν, εἰς τὴν παιδείαν, παρὰ τὰς ἐξετάσεις ὑπάρχουν ἀκόμη ἀσάφειαι. Ὁ ἀριθμὸς τῶν εἰσακτέων εἰς τὰ πανεπιστήμια, ὡς ὑποστηρίζουν οἱ φοιτηταί, δὲν ἀνταποκρίνεται εἰς τὴν πραγματικότητα.

Πατρῶν, εἰς τὴν παιδείαν, παρὰ τὰς ἐξετάσεις ὑπάρχουν ἀκόμη ἀσάφειαι. Ὁ ἀριθμὸς τῶν εἰσακτέων εἰς τὰ πανεπιστήμια, ὡς ὑποστηρίζουν οἱ φοιτηταί, δὲν ἀνταποκρίνεται εἰς τὴν πραγματικότητα.

ἰδεολογικὴ τοποθέτησις, τὸ ὅλον ζήτημα θὰ πρέπει νὰ ἐξετασθῇ μὲ προσοχὴν ὥστε νὰ μὴ δημιουργηθοῦν παρεξηγήσεις. Ὁ κ. Θεοδωράκης ἀνεφέρθη εἰς τὰς δημοκρατικὰς διαδικασίας καὶ εἰς τὴν ἀνάγκην ἑνότητος τῶν δημοκρατικῶν δυνάμεων. «Πιστεύω εἰς τὸν διάλογον καὶ εἰς τὴν συνεργασίαν», εἶπε χαρακτηριστικῶς, προσθέσας ὅτι ἡ Ἑλλὰς χρειάζεται σταθερότητα καὶ πρόοδον.

«Σήμερα, ὅπου ἀπὸ τὴν πρώτη στιγμὴ τῆς ἀποκαταστάσεως τῆς δημοκρατίας ἔχουν δημιουργηθῆ νέαι συνθῆκαι, πρέπει νὰ ἀξιοποιήσωμεν τὰς εὐκαιρίας», ἐτόνισε.

ἰδεολογικὴ τοποθέτησις, τὸ ὅλον ζήτημα θὰ πρέπει νὰ ἐξετασθῇ μὲ προσοχὴν ὥστε νὰ μὴ δημιουργηθοῦν παρεξηγήσεις. Ὁ κ. Θεοδωράκης ἀνεφέρθη εἰς τὰς δημοκρατικὰς διαδικασίας καὶ εἰς τὴν ἀνάγκην ἑνότητος τῶν δημοκρατικῶν δυνάμεων. «Πιστεύω εἰς τὸν διάλογον καὶ εἰς τὴν συνεργασίαν», εἶπε χαρακτηριστικῶς, προσθέσας ὅτι ἡ Ἑλλὰς χρειάζεται σταθερότητα καὶ πρόοδον.

«Σήμερα, ὅπου ἀπὸ τὴν πρώτη στιγμὴ τῆς ἀποκαταστάσεως τῆς δημοκρατίας ἔχουν δημιουργηθῆ νέαι συνθῆκαι, πρέπει νὰ ἀξιοποιήσωμεν τὰς εὐκαιρίας», ἐτόνισε.

ΑΠΑΝΤΟΥΝ ΟΙ ΦΟΙΤΗΤΑΙ

Κατόπιν τῶν ἀνωτέρω οἱ φοιτηταὶ ἐξέδωσαν ἀνακοίνωσιν διὰ τῆς ὁποίας ζητοῦν τὴν ἀναθεώρησιν τῶν στοιχείων καὶ τὴν δημοσίευσιν ἀκριβῶν ἀριθμῶν διὰ κάθε σχολήν. Ἐπίσης ζητοῦν συνάντησιν μὲ τὸν Ὑπουργὸν Παιδείας.

Κατόπιν τῶν ἀνωτέρω οἱ φοιτηταὶ ἐξέδωσαν ἀνακοίνωσιν διὰ τῆς ὁποίας ζητοῦν τὴν ἀναθεώρησιν τῶν στοιχείων καὶ τὴν δημοσίευσιν ἀκριβῶν ἀριθμῶν διὰ κάθε σχολήν. Ἐπίσης ζητοῦν συνάντησιν μὲ τὸν Ὑπουργὸν Παιδείας.
